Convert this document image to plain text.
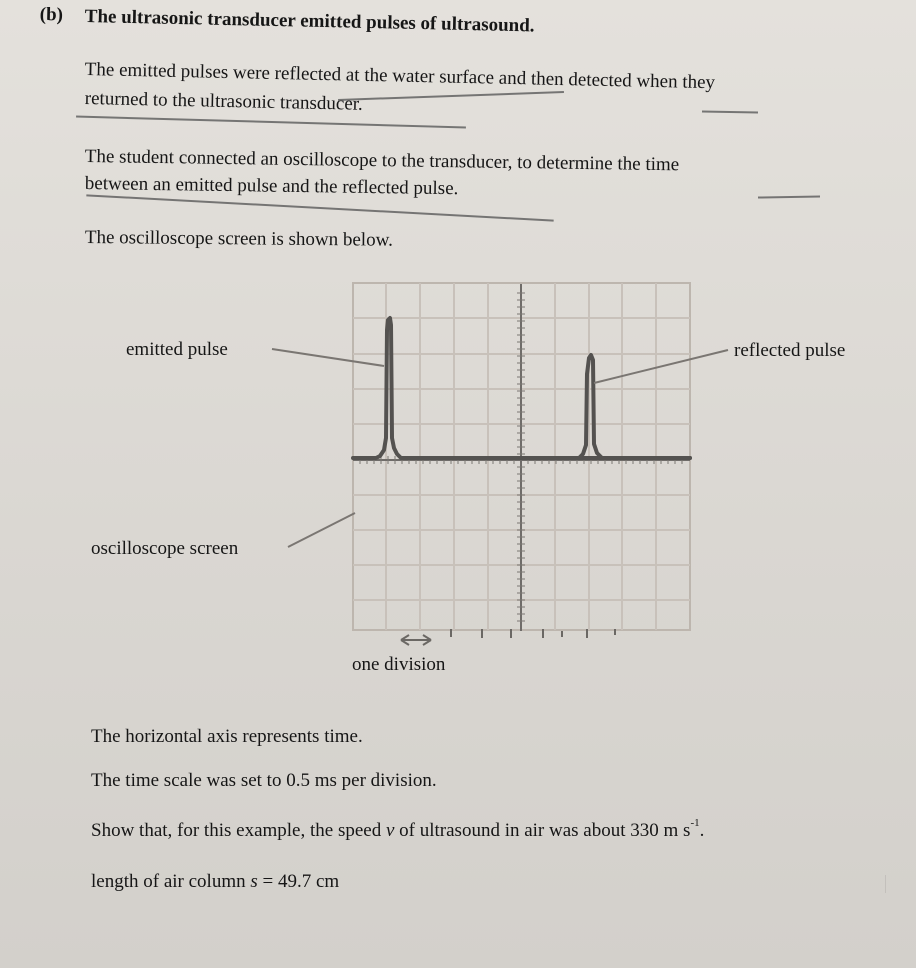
(b) The ultrasonic transducer emitted pulses of ultrasound.
The emitted pulses were reflected at the water surface and then detected when they
returned to the ultrasonic transducer.
The student connected an oscilloscope to the transducer, to determine the time
between an emitted pulse and the reflected pulse.
The oscilloscope screen is shown below.
emitted pulse	reflected pulse
oscilloscope screen
one division
The horizontal axis represents time.
The time scale was set to 0.5 ms per division.
Show that, for this example, the speed v of ultrasound in air was about 330 m $s^{-1}$.
length of air column s = 49.7 cm
